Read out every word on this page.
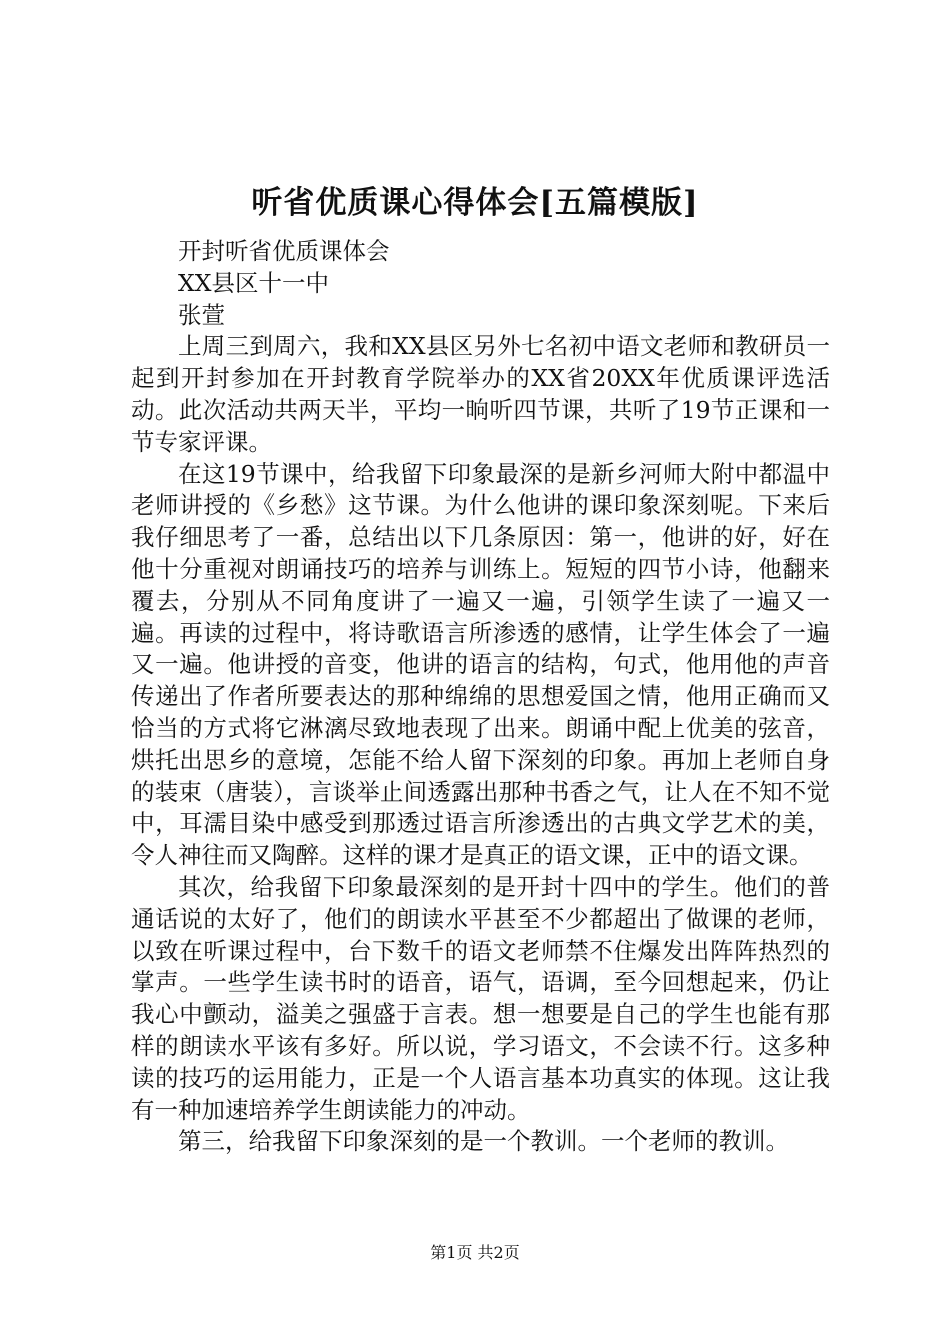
听省优质课心得体会[五篇模版]

开封听省优质课体会

XX县区十一中

张萱

上周三到周六，我和XX县区另外七名初中语文老师和教研员一起到开封参加在开封教育学院举办的XX省20XX年优质课评选活动。此次活动共两天半，平均一晌听四节课，共听了19节正课和一节专家评课。

在这19节课中，给我留下印象最深的是新乡河师大附中都温中老师讲授的《乡愁》这节课。为什么他讲的课印象深刻呢。下来后我仔细思考了一番，总结出以下几条原因：第一，他讲的好，好在他十分重视对朗诵技巧的培养与训练上。短短的四节小诗，他翻来覆去，分别从不同角度讲了一遍又一遍，引领学生读了一遍又一遍。再读的过程中，将诗歌语言所渗透的感情，让学生体会了一遍又一遍。他讲授的音变，他讲的语言的结构，句式，他用他的声音传递出了作者所要表达的那种绵绵的思想爱国之情，他用正确而又恰当的方式将它淋漓尽致地表现了出来。朗诵中配上优美的弦音，烘托出思乡的意境，怎能不给人留下深刻的印象。再加上老师自身的装束（唐装），言谈举止间透露出那种书香之气，让人在不知不觉中，耳濡目染中感受到那透过语言所渗透出的古典文学艺术的美，令人神往而又陶醉。这样的课才是真正的语文课，正中的语文课。

其次，给我留下印象最深刻的是开封十四中的学生。他们的普通话说的太好了，他们的朗读水平甚至不少都超出了做课的老师，以致在听课过程中，台下数千的语文老师禁不住爆发出阵阵热烈的掌声。一些学生读书时的语音，语气，语调，至今回想起来，仍让我心中颤动，溢美之强盛于言表。想一想要是自己的学生也能有那样的朗读水平该有多好。所以说，学习语文，不会读不行。这多种读的技巧的运用能力，正是一个人语言基本功真实的体现。这让我有一种加速培养学生朗读能力的冲动。

第三，给我留下印象深刻的是一个教训。一个老师的教训。

第1页 共2页
